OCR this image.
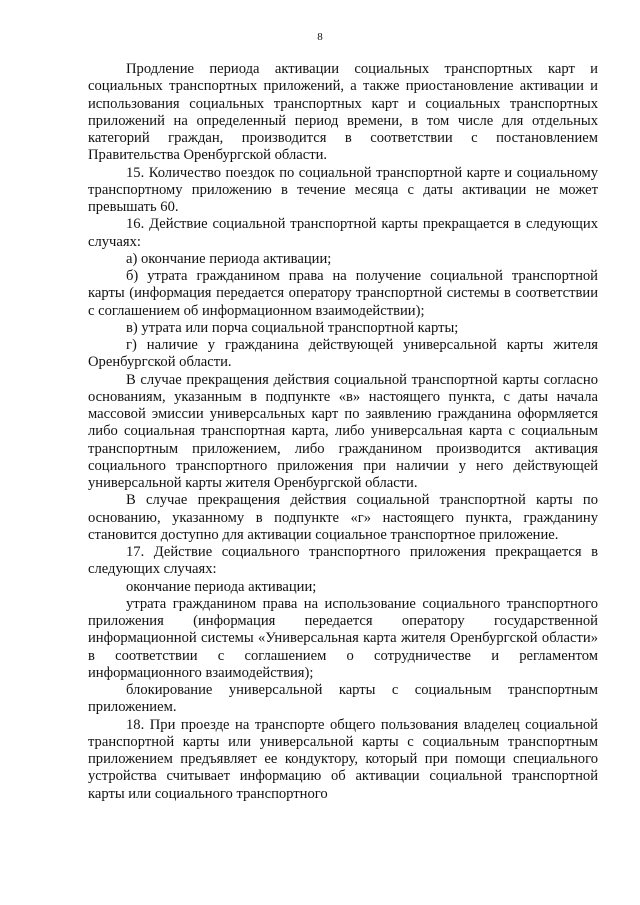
8

Продление периода активации социальных транспортных карт и социальных транспортных приложений, а также приостановление активации и использования социальных транспортных карт и социальных транспортных приложений на определенный период времени, в том числе для отдельных категорий граждан, производится в соответствии с постановлением Правительства Оренбургской области.

15. Количество поездок по социальной транспортной карте и социальному транспортному приложению в течение месяца с даты активации не может превышать 60.

16. Действие социальной транспортной карты прекращается в следующих случаях:

а) окончание периода активации;

б) утрата гражданином права на получение социальной транспортной карты (информация передается оператору транспортной системы в соответствии с соглашением об информационном взаимодействии);

в) утрата или порча социальной транспортной карты;

г) наличие у гражданина действующей универсальной карты жителя Оренбургской области.

В случае прекращения действия социальной транспортной карты согласно основаниям, указанным в подпункте «в» настоящего пункта, с даты начала массовой эмиссии универсальных карт по заявлению гражданина оформляется либо социальная транспортная карта, либо универсальная карта с социальным транспортным приложением, либо гражданином производится активация социального транспортного приложения при наличии у него действующей универсальной карты жителя Оренбургской области.

В случае прекращения действия социальной транспортной карты по основанию, указанному в подпункте «г» настоящего пункта, гражданину становится доступно для активации социальное транспортное приложение.

17. Действие социального транспортного приложения прекращается в следующих случаях:

окончание периода активации;

утрата гражданином права на использование социального транспортного приложения (информация передается оператору государственной информационной системы «Универсальная карта жителя Оренбургской области» в соответствии с соглашением о сотрудничестве и регламентом информационного взаимодействия);

блокирование универсальной карты с социальным транспортным приложением.

18. При проезде на транспорте общего пользования владелец социальной транспортной карты или универсальной карты с социальным транспортным приложением предъявляет ее кондуктору, который при помощи специального устройства считывает информацию об активации социальной транспортной карты или социального транспортного
